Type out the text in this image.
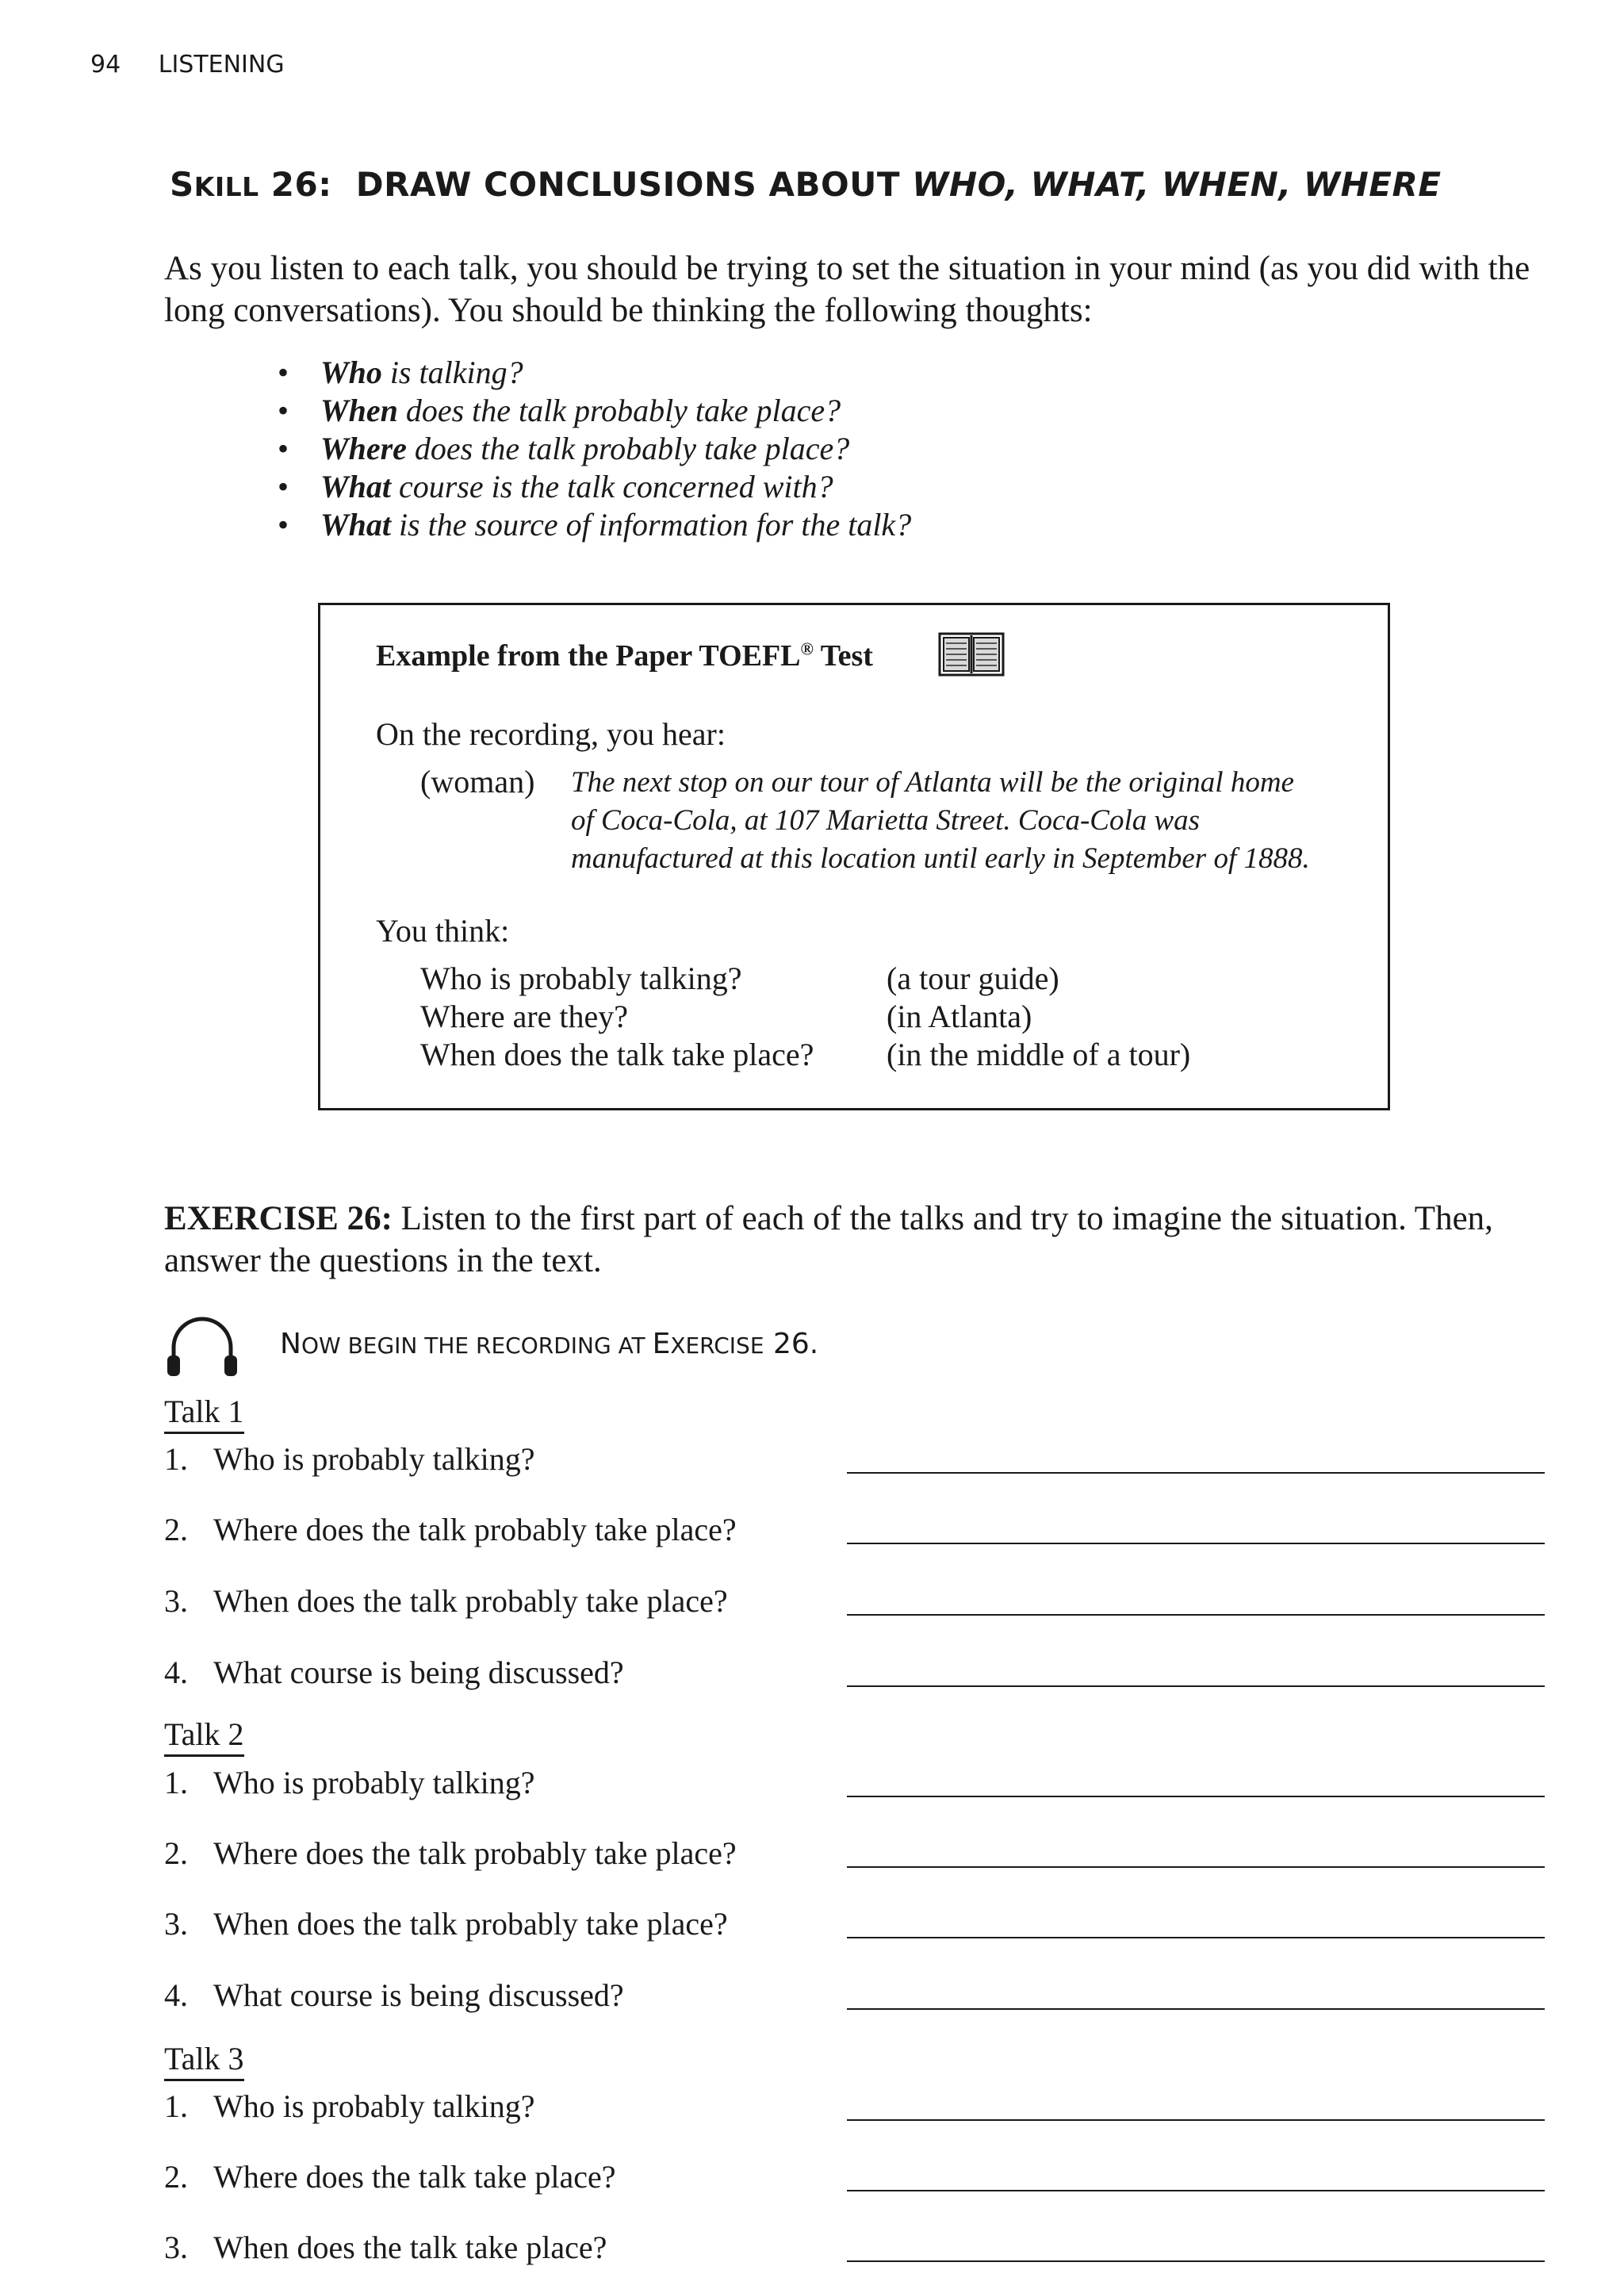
94 LISTENING
SKILL 26: DRAW CONCLUSIONS ABOUT WHO, WHAT, WHEN, WHERE
As you listen to each talk, you should be trying to set the situation in your mind (as you did with the long conversations). You should be thinking the following thoughts:
• Who is talking?
• When does the talk probably take place?
• Where does the talk probably take place?
• What course is the talk concerned with?
• What is the source of information for the talk?
Example from the Paper TOEFL® Test
On the recording, you hear:
(woman) The next stop on our tour of Atlanta will be the original home
of Coca-Cola, at 107 Marietta Street. Coca-Cola was
manufactured at this location until early in September of 1888.
You think:
Who is probably talking?	(a tour guide)
Where are they?	(in Atlanta)
When does the talk take place? (in the middle of a tour)
EXERCISE 26: Listen to the first part of each of the talks and try to imagine the situation. Then, answer the questions in the text.
NOW BEGIN THE RECORDING AT EXERCISE 26.
Talk 1
1. Who is probably talking?
2. Where does the talk probably take place?
3. When does the talk probably take place?
4. What course is being discussed?
Talk 2
1. Who is probably talking?
2. Where does the talk probably take place?
3. When does the talk probably take place?
4. What course is being discussed?
Talk 3
1. Who is probably talking?
2. Where does the talk take place?
3. When does the talk take place?
